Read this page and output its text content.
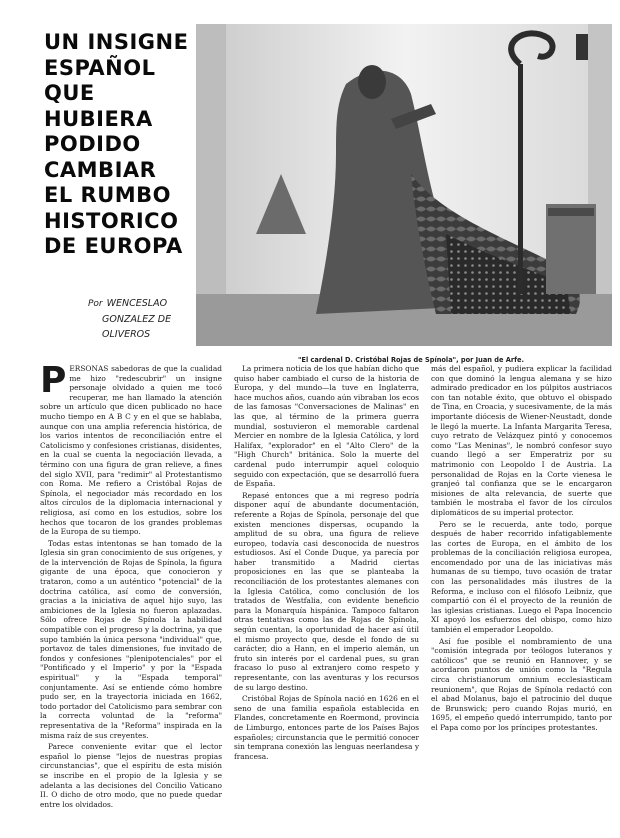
UN INSIGNE
ESPAÑOL
QUE
HUBIERA
PODIDO
CAMBIAR
EL RUMBO
HISTORICO
DE EUROPA
Por WENCESLAO
GONZALEZ DE
OLIVEROS
"El cardenal D. Cristóbal Rojas de Spínola", por Juan de Arfe.

PERSONAS sabedoras de que la cualidad me hizo "redescubrir" un insigne personaje olvidado a quien me tocó recuperar, me han llamado la atención sobre un artículo que dicen publicado no hace mucho tiempo en A B C y en el que se hablaba, aunque con una amplia referencia histórica, de los varios intentos de reconciliación entre el Catolicismo y confesiones cristianas, disidentes, en la cual se cuenta la negociación llevada, a término con una figura de gran relieve, a fines del siglo XVII, para "redimir" al Protestantismo con Roma. Me refiero a Cristóbal Rojas de Spínola, el negociador más recordado en los altos círculos de la diplomacia internacional y religiosa, así como en los estudios, sobre los hechos que tocaron de los grandes problemas de la Europa de su tiempo.

Todas estas intentonas se han tomado de la Iglesia sin gran conocimiento de sus orígenes, y de la intervención de Rojas de Spínola, la figura gigante de una época, que conocieron y trataron, como a un auténtico "potencial" de la doctrina católica, así como de conversión, gracias a la iniciativa de aquel hijo suyo, las ambiciones de la Iglesia no fueron aplazadas. Sólo ofrece Rojas de Spínola la habilidad compatible con el progreso y la doctrina, ya que supo también la única persona "individual" que, portavoz de tales dimensiones, fue invitado de fondos y confesiones "plenipotenciales" por el "Pontificado y el Imperio" y por la "Espada espiritual" y la "Espada temporal" conjuntamente. Así se entiende cómo hombre pudo ser, en la trayectoria iniciada en 1662, todo portador del Catolicismo para sembrar con la correcta voluntad de la "reforma" representativa de la "Reforma" inspirada en la misma raíz de sus creyentes.

Parece conveniente evitar que el lector español lo piense "lejos de nuestras propias circunstancias", que el espíritu de esta misión se inscribe en el propio de la Iglesia y se adelanta a las decisiones del Concilio Vaticano II. O dicho de otro modo, que no puede quedar entre los olvidados.

La primera noticia de los que habían dicho que quiso haber cambiado el curso de la historia de Europa, y del mundo—la tuve en Inglaterra, hace muchos años, cuando aún vibraban los ecos de las famosas "Conversaciones de Malinas" en las que, al término de la primera guerra mundial, sostuvieron el memorable cardenal Mercier en nombre de la Iglesia Católica, y lord Halifax, "explorador" en el "Alto Clero" de la "High Church" británica. Solo la muerte del cardenal pudo interrumpir aquel coloquio seguido con expectación, que se desarrolló fuera de España.

Repasé entonces que a mi regreso podría disponer aquí de abundante documentación, referente a Rojas de Spínola, personaje del que existen menciones dispersas, ocupando la amplitud de su obra, una figura de relieve europeo, todavía casi desconocida de nuestros estudiosos. Así el Conde Duque, ya parecía por haber transmitido a Madrid ciertas proposiciones en las que se planteaba la reconciliación de los protestantes alemanes con la Iglesia Católica, como conclusión de los tratados de Westfalia, con evidente beneficio para la Monarquía hispánica. Tampoco faltaron otras tentativas como las de Rojas de Spínola, según cuentan, la oportunidad de hacer así útil el mismo proyecto que, desde el fondo de su carácter, dio a Hann, en el imperio alemán, un fruto sin interés por el cardenal pues, su gran fracaso lo puso al extranjero como respeto y representante, con las aventuras y los recursos de su largo destino.

Cristóbal Rojas de Spínola nació en 1626 en el seno de una familia española establecida en Flandes, concretamente en Roermond, provincia de Limburgo, entonces parte de los Países Bajos españoles; circunstancia que le permitió conocer sin temprana conexión las lenguas neerlandesa y francesa.

más del español, y pudiera explicar la facilidad con que dominó la lengua alemana y se hizo admirado predicador en los púlpitos austriacos con tan notable éxito, que obtuvo el obispado de Tina, en Croacia, y sucesivamente, de la más importante diócesis de Wiener-Neustadt, donde le llegó la muerte. La Infanta Margarita Teresa, cuyo retrato de Velázquez pintó y conocemos como "Las Meninas", le nombró confesor suyo cuando llegó a ser Emperatriz por su matrimonio con Leopoldo I de Austria. La personalidad de Rojas en la Corte vienesa le granjeó tal confianza que se le encargaron misiones de alta relevancia, de suerte que también le mostraba el favor de los círculos diplomáticos de su imperial protector.

Pero se le recuerda, ante todo, porque después de haber recorrido infatigablemente las cortes de Europa, en el ámbito de los problemas de la conciliación religiosa europea, encomendado por una de las iniciativas más humanas de su tiempo, tuvo ocasión de tratar con las personalidades más ilustres de la Reforma, e incluso con el filósofo Leibniz, que compartió con él el proyecto de la reunión de las iglesias cristianas. Luego el Papa Inocencio XI apoyó los esfuerzos del obispo, como hizo también el emperador Leopoldo.

Así fue posible el nombramiento de una "comisión integrada por teólogos luteranos y católicos" que se reunió en Hannover, y se acordaron puntos de unión como la "Regula circa christianorum omnium ecclesiasticam reunionem", que Rojas de Spínola redactó con el abad Molanus, bajo el patrocinio del duque de Brunswick; pero cuando Rojas murió, en 1695, el empeño quedó interrumpido, tanto por el Papa como por los príncipes protestantes.
